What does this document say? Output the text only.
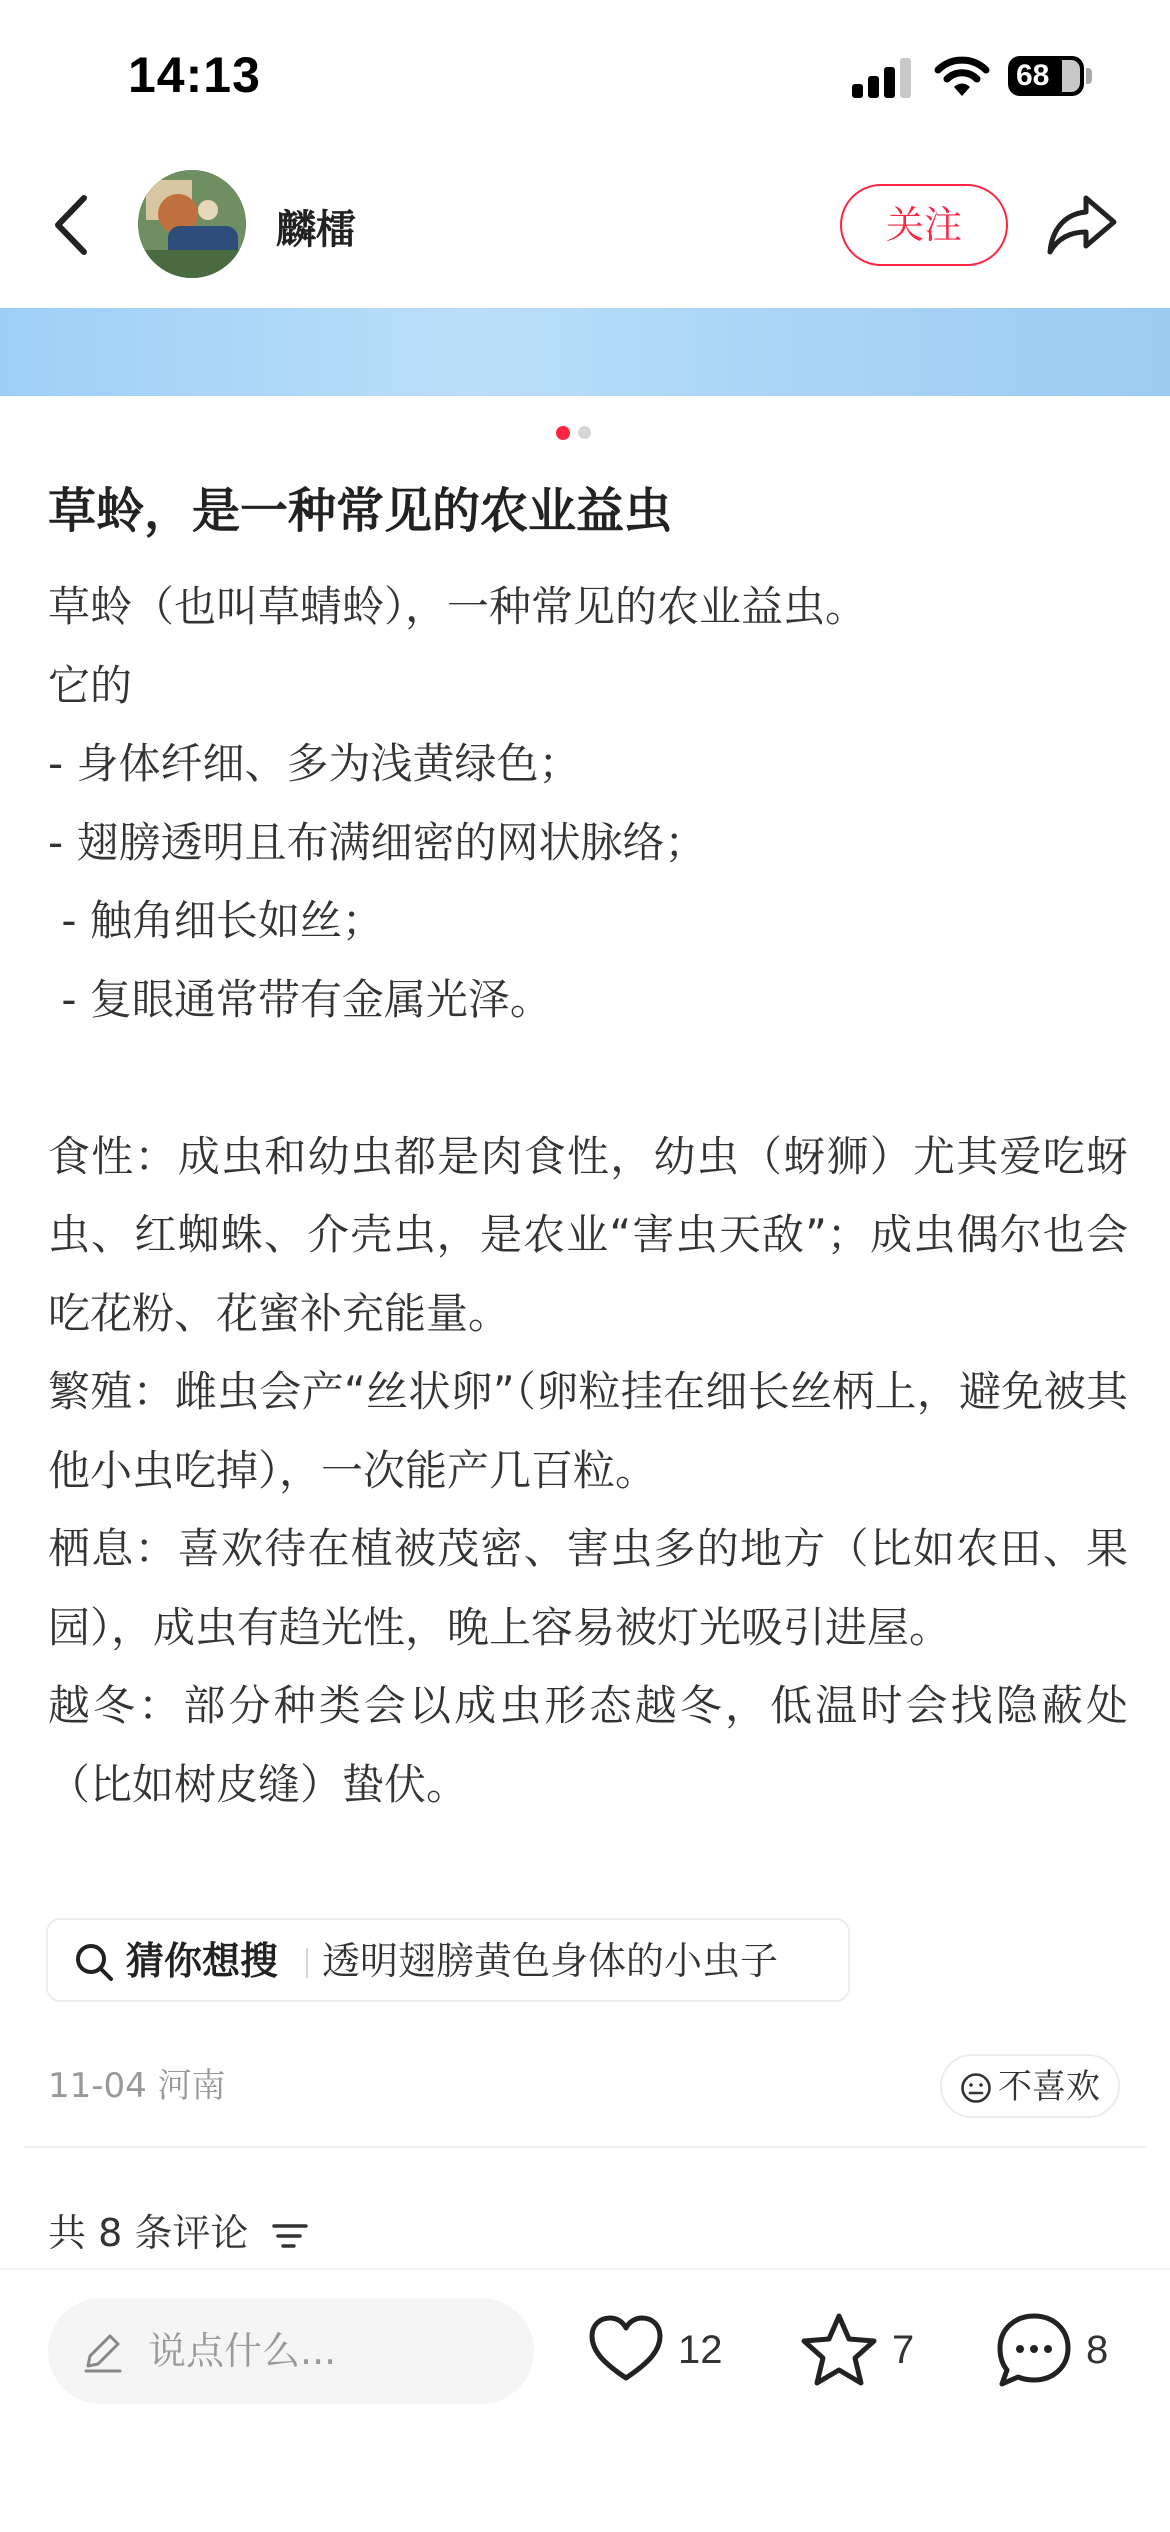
14:13	68
麟檑	关注
草蛉，是一种常见的农业益虫

草蛉（也叫草蜻蛉），一种常见的农业益虫。

它的

- 身体纤细、多为浅黄绿色；

- 翅膀透明且布满细密的网状脉络；

- 触角细长如丝；

- 复眼通常带有金属光泽。

食性：成虫和幼虫都是肉食性，幼虫（蚜狮）尤其爱吃蚜虫、红蜘蛛、介壳虫，是农业“害虫天敌”；成虫偶尔也会吃花粉、花蜜补充能量。

繁殖：雌虫会产“丝状卵”（卵粒挂在细长丝柄上，避免被其他小虫吃掉），一次能产几百粒。

栖息：喜欢待在植被茂密、害虫多的地方（比如农田、果园），成虫有趋光性，晚上容易被灯光吸引进屋。

越冬：部分种类会以成虫形态越冬，低温时会找隐蔽处（比如树皮缝）蛰伏。

猜你想搜 透明翅膀黄色身体的小虫子
11-04 河南	不喜欢
共 8 条评论
说点什么...	12	7	8
